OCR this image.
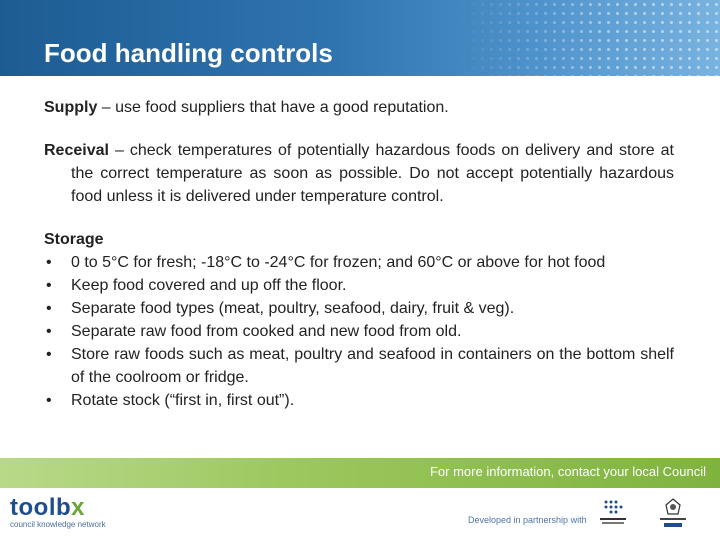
Food handling controls

Supply – use food suppliers that have a good reputation.

Receival – check temperatures of potentially hazardous foods on delivery and store at the correct temperature as soon as possible. Do not accept potentially hazardous food unless it is delivered under temperature control.

Storage

• 0 to 5°C for fresh; -18°C to -24°C for frozen; and 60°C or above for hot food
• Keep food covered and up off the floor.
• Separate food types (meat, poultry, seafood, dairy, fruit & veg).
• Separate raw food from cooked and new food from old.
• Store raw foods such as meat, poultry and seafood in containers on the bottom shelf of the coolroom or fridge.
• Rotate stock (“first in, first out”).
For more information, contact your local Council
toolbx
council knowledge network	Developed in partnership with
